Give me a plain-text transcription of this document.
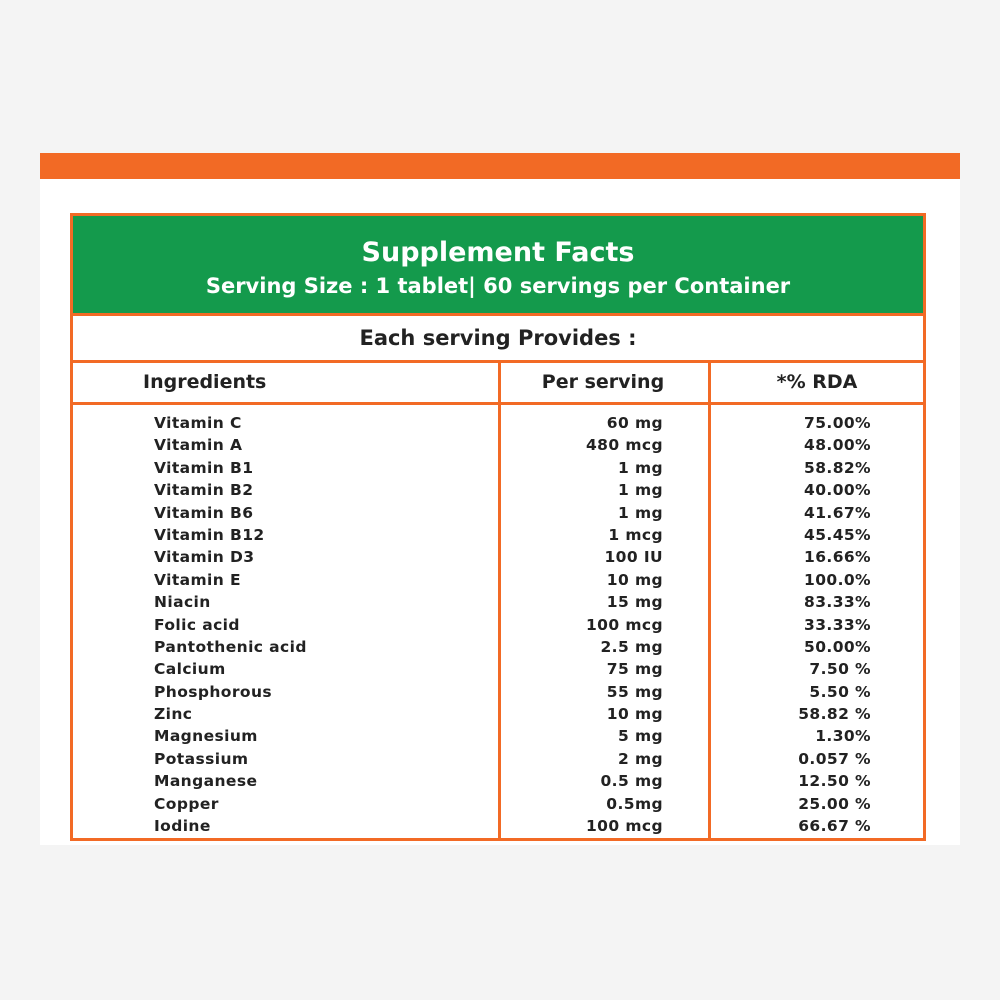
Supplement Facts
Serving Size : 1 tablet| 60 servings per Container
Each serving Provides :
Ingredients	Per serving	*% RDA
Vitamin C	60 mg	75.00%
Vitamin A	480 mcg	48.00%
Vitamin B1	1 mg	58.82%
Vitamin B2	1 mg	40.00%
Vitamin B6	1 mg	41.67%
Vitamin B12	1 mcg	45.45%
Vitamin D3	100 IU	16.66%
Vitamin E	10 mg	100.0%
Niacin	15 mg	83.33%
Folic acid	100 mcg	33.33%
Pantothenic acid	2.5 mg	50.00%
Calcium	75 mg	7.50 %
Phosphorous	55 mg	5.50 %
Zinc	10 mg	58.82 %
Magnesium	5 mg	1.30%
Potassium	2 mg	0.057 %
Manganese	0.5 mg	12.50 %
Copper	0.5mg	25.00 %
Iodine	100 mcg	66.67 %
